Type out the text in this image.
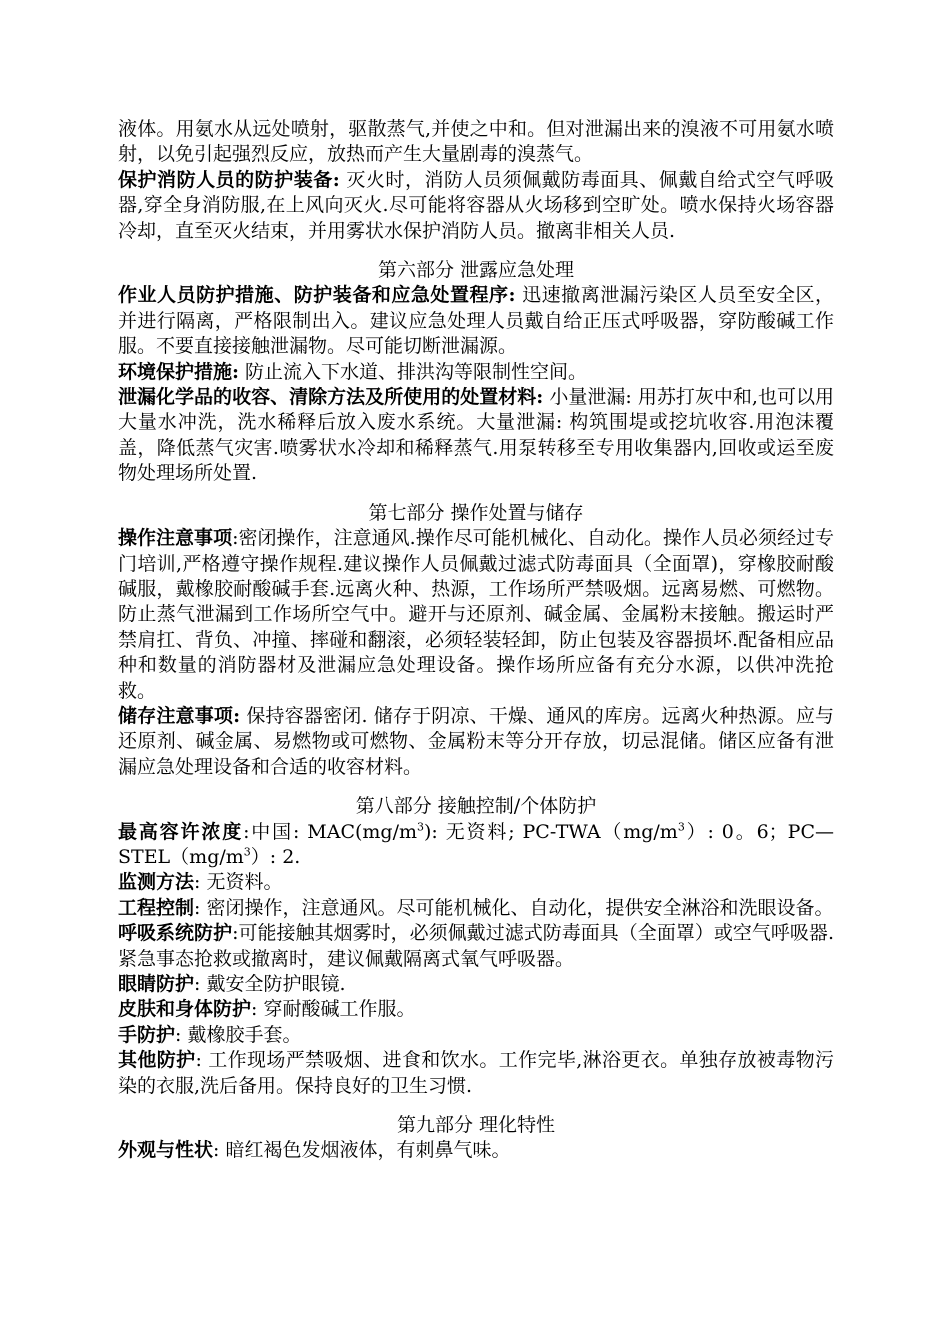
液体。用氨水从远处喷射，驱散蒸气,并使之中和。但对泄漏出来的溴液不可用氨水喷射，以免引起强烈反应，放热而产生大量剧毒的溴蒸气。

保护消防人员的防护装备: 灭火时，消防人员须佩戴防毒面具、佩戴自给式空气呼吸器,穿全身消防服,在上风向灭火.尽可能将容器从火场移到空旷处。喷水保持火场容器冷却，直至灭火结束，并用雾状水保护消防人员。撤离非相关人员.

第六部分 泄露应急处理

作业人员防护措施、防护装备和应急处置程序: 迅速撤离泄漏污染区人员至安全区，并进行隔离，严格限制出入。建议应急处理人员戴自给正压式呼吸器，穿防酸碱工作服。不要直接接触泄漏物。尽可能切断泄漏源。

环境保护措施: 防止流入下水道、排洪沟等限制性空间。

泄漏化学品的收容、清除方法及所使用的处置材料: 小量泄漏: 用苏打灰中和,也可以用大量水冲洗，洗水稀释后放入废水系统。大量泄漏: 构筑围堤或挖坑收容.用泡沫覆盖，降低蒸气灾害.喷雾状水冷却和稀释蒸气.用泵转移至专用收集器内,回收或运至废物处理场所处置.

第七部分 操作处置与储存

操作注意事项:密闭操作，注意通风.操作尽可能机械化、自动化。操作人员必须经过专门培训,严格遵守操作规程.建议操作人员佩戴过滤式防毒面具（全面罩)，穿橡胶耐酸碱服，戴橡胶耐酸碱手套.远离火种、热源，工作场所严禁吸烟。远离易燃、可燃物。防止蒸气泄漏到工作场所空气中。避开与还原剂、碱金属、金属粉末接触。搬运时严禁肩扛、背负、冲撞、摔碰和翻滚，必须轻装轻卸，防止包装及容器损坏.配备相应品种和数量的消防器材及泄漏应急处理设备。操作场所应备有充分水源，以供冲洗抢救。

储存注意事项: 保持容器密闭. 储存于阴凉、干燥、通风的库房。远离火种热源。应与还原剂、碱金属、易燃物或可燃物、金属粉末等分开存放，切忌混储。储区应备有泄漏应急处理设备和合适的收容材料。

第八部分 接触控制/个体防护

最高容许浓度:中国: $MAC(mg/m^3)$: 无资料; $PC-TWA(mg/m^3)$: 0。6；$PC—STEL(mg/m^3)$: 2.

监测方法: 无资料。

工程控制: 密闭操作，注意通风。尽可能机械化、自动化，提供安全淋浴和洗眼设备。

呼吸系统防护:可能接触其烟雾时，必须佩戴过滤式防毒面具（全面罩）或空气呼吸器. 紧急事态抢救或撤离时，建议佩戴隔离式氧气呼吸器。

眼睛防护: 戴安全防护眼镜.

皮肤和身体防护: 穿耐酸碱工作服。

手防护: 戴橡胶手套。

其他防护: 工作现场严禁吸烟、进食和饮水。工作完毕,淋浴更衣。单独存放被毒物污染的衣服,洗后备用。保持良好的卫生习惯.

第九部分 理化特性

外观与性状: 暗红褐色发烟液体，有刺鼻气味。
